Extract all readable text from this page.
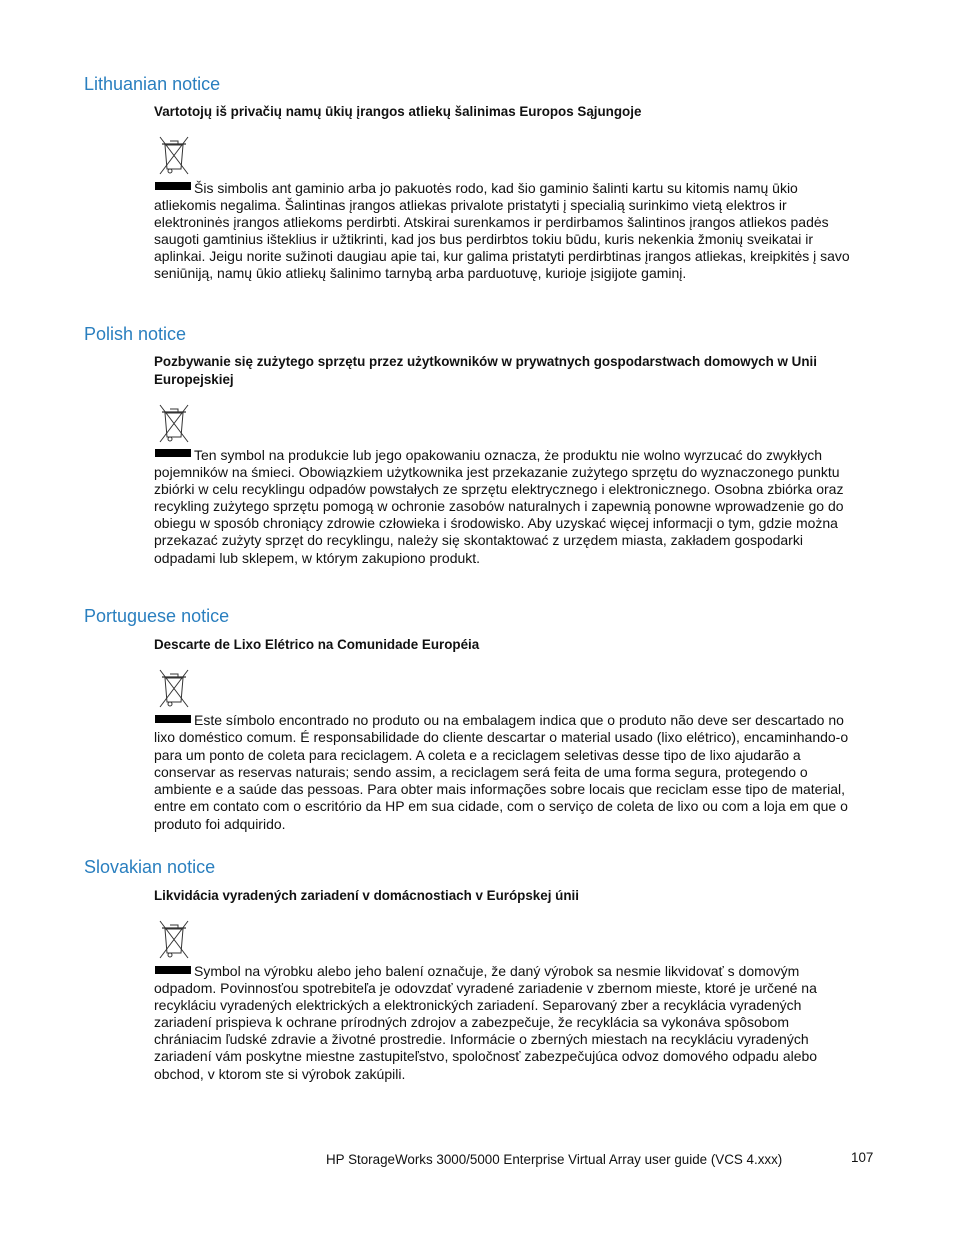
Lithuanian notice
Vartotojų iš privačių namų ūkių įrangos atliekų šalinimas Europos Sąjungoje

Šis simbolis ant gaminio arba jo pakuotės rodo, kad šio gaminio šalinti kartu su kitomis namų ūkio atliekomis negalima. Šalintinas įrangos atliekas privalote pristatyti į specialią surinkimo vietą elektros ir elektroninės įrangos atliekoms perdirbti. Atskirai surenkamos ir perdirbamos šalintinos įrangos atliekos padės saugoti gamtinius išteklius ir užtikrinti, kad jos bus perdirbtos tokiu būdu, kuris nekenkia žmonių sveikatai ir aplinkai. Jeigu norite sužinoti daugiau apie tai, kur galima pristatyti perdirbtinas įrangos atliekas, kreipkitės į savo seniūniją, namų ūkio atliekų šalinimo tarnybą arba parduotuvę, kurioje įsigijote gaminį.

Polish notice
Pozbywanie się zużytego sprzętu przez użytkowników w prywatnych gospodarstwach domowych w Unii Europejskiej

Ten symbol na produkcie lub jego opakowaniu oznacza, że produktu nie wolno wyrzucać do zwykłych pojemników na śmieci. Obowiązkiem użytkownika jest przekazanie zużytego sprzętu do wyznaczonego punktu zbiórki w celu recyklingu odpadów powstałych ze sprzętu elektrycznego i elektronicznego. Osobna zbiórka oraz recykling zużytego sprzętu pomogą w ochronie zasobów naturalnych i zapewnią ponowne wprowadzenie go do obiegu w sposób chroniący zdrowie człowieka i środowisko. Aby uzyskać więcej informacji o tym, gdzie można przekazać zużyty sprzęt do recyklingu, należy się skontaktować z urzędem miasta, zakładem gospodarki odpadami lub sklepem, w którym zakupiono produkt.

Portuguese notice
Descarte de Lixo Elétrico na Comunidade Européia

Este símbolo encontrado no produto ou na embalagem indica que o produto não deve ser descartado no lixo doméstico comum. É responsabilidade do cliente descartar o material usado (lixo elétrico), encaminhando-o para um ponto de coleta para reciclagem. A coleta e a reciclagem seletivas desse tipo de lixo ajudarão a conservar as reservas naturais; sendo assim, a reciclagem será feita de uma forma segura, protegendo o ambiente e a saúde das pessoas. Para obter mais informações sobre locais que reciclam esse tipo de material, entre em contato com o escritório da HP em sua cidade, com o serviço de coleta de lixo ou com a loja em que o produto foi adquirido.

Slovakian notice
Likvidácia vyradených zariadení v domácnostiach v Európskej únii

Symbol na výrobku alebo jeho balení označuje, že daný výrobok sa nesmie likvidovať s domovým odpadom. Povinnosťou spotrebiteľa je odovzdať vyradené zariadenie v zbernom mieste, ktoré je určené na recykláciu vyradených elektrických a elektronických zariadení. Separovaný zber a recyklácia vyradených zariadení prispieva k ochrane prírodných zdrojov a zabezpečuje, že recyklácia sa vykonáva spôsobom chrániacim ľudské zdravie a životné prostredie. Informácie o zberných miestach na recykláciu vyradených zariadení vám poskytne miestne zastupiteľstvo, spoločnosť zabezpečujúca odvoz domového odpadu alebo obchod, v ktorom ste si výrobok zakúpili.

HP StorageWorks 3000/5000 Enterprise Virtual Array user guide (VCS 4.xxx)	107
